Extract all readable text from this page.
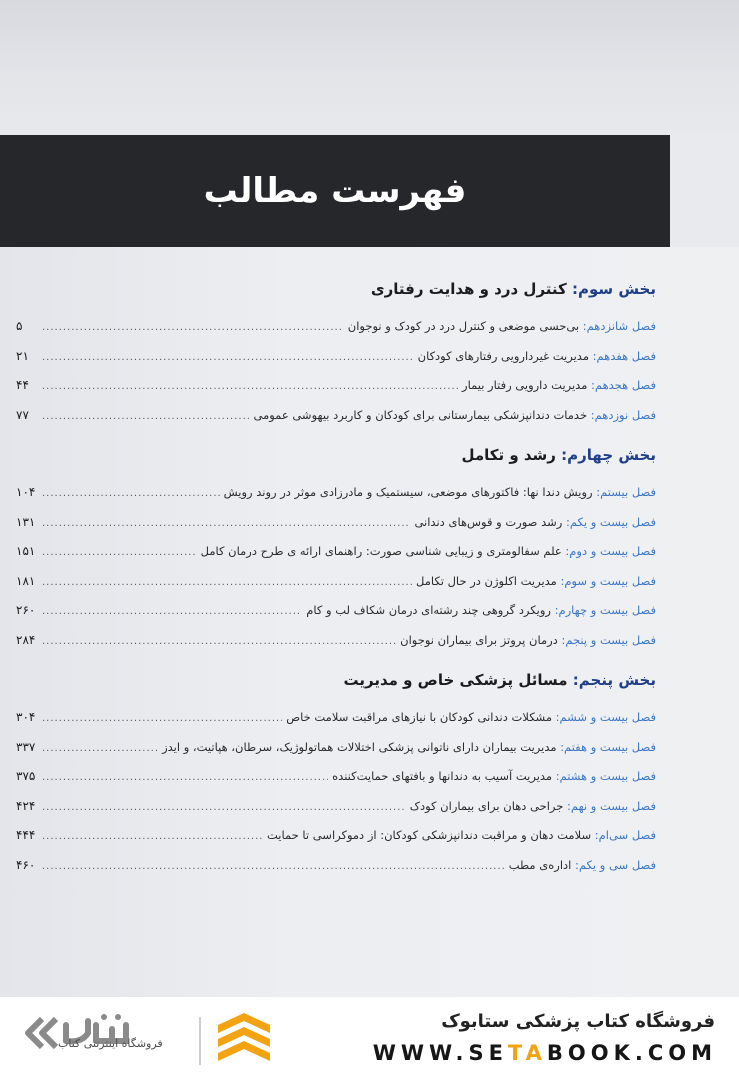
فهرست مطالب
بخش سوم: کنترل درد و هدایت رفتاری
فصل شانزدهم:

بی‌حسی موضعی و کنترل درد در کودک و نوجوان
.....
۵
فصل هفدهم:

مدیریت غیردارویی رفتارهای کودکان
.....
۲۱
فصل هجدهم:

مدیریت دارویی رفتار بیمار
.....
۴۴
فصل نوزدهم:

خدمات دندانپزشکی بیمارستانی برای کودکان و کاربرد بیهوشی عمومی
.....
۷۷
بخش چهارم: رشد و تکامل
فصل بیستم:

رویش دندا نها: فاکتورهای موضعی، سیستمیک و مادرزادی موثر در روند رویش
.....
۱۰۴
فصل بیست و یکم:

رشد صورت و قوس‌های دندانی
.....
۱۳۱
فصل بیست و دوم:

علم سفالومتری و زیبایی شناسی صورت: راهنمای ارائه ی طرح درمان کامل
.....
۱۵۱
فصل بیست و سوم:

مدیریت اکلوژن در حال تکامل
.....
۱۸۱
فصل بیست و چهارم:

رویکرد گروهی چند رشته‌ای درمان شکاف لب و کام
.....
۲۶۰
فصل بیست و پنجم:

درمان پروتز برای بیماران نوجوان
.....
۲۸۴
بخش پنجم: مسائل پزشکی خاص و مدیریت
فصل بیست و ششم:

مشکلات دندانی کودکان با نیازهای مراقبت سلامت خاص
.....
۳۰۴
فصل بیست و هفتم:

مدیریت بیماران دارای ناتوانی پزشکی اختلالات هماتولوژیک، سرطان، هپاتیت، و ایدز
.....
۳۳۷
فصل بیست و هشتم:

مدیریت آسیب به دندانها و بافتهای حمایت‌کننده
.....
۳۷۵
فصل بیست و نهم:

جراحی دهان برای بیماران کودک
.....
۴۲۴
فصل سی‌ام:

سلامت دهان و مراقبت دندانپزشکی کودکان: از دموکراسی تا حمایت
.....
۴۴۴
فصل سی و یکم:

اداره‌ی مطب
.....
۴۶۰
فروشگاه اینترنتی کتاب
فروشگاه کتاب پزشکی ستابوک
WWW.SETABOOK.COM
